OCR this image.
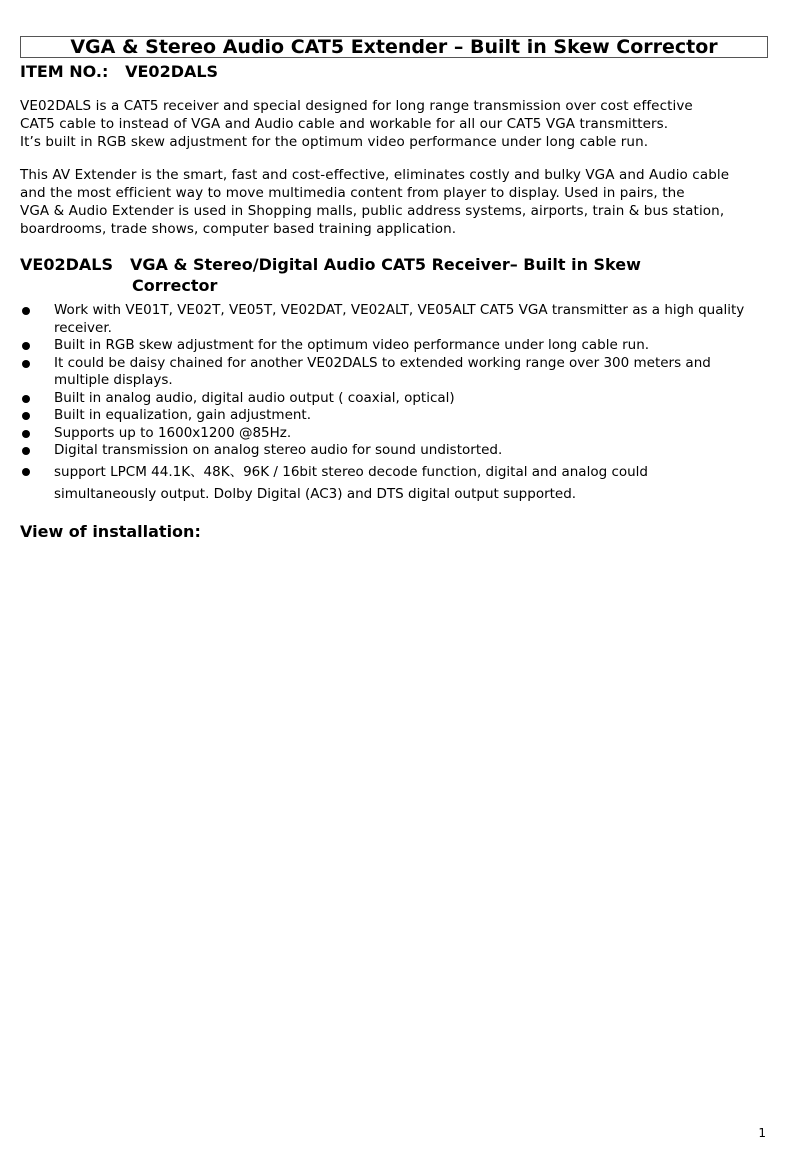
VGA & Stereo Audio CAT5 Extender – Built in Skew Corrector
ITEM NO.:   VE02DALS
VE02DALS is a CAT5 receiver and special designed for long range transmission over cost effective
CAT5 cable to instead of VGA and Audio cable and workable for all our CAT5 VGA transmitters.
It’s built in RGB skew adjustment for the optimum video performance under long cable run.
This AV Extender is the smart, fast and cost-effective, eliminates costly and bulky VGA and Audio cable
and the most efficient way to move multimedia content from player to display. Used in pairs, the
VGA & Audio Extender is used in Shopping malls, public address systems, airports, train & bus station,
boardrooms, trade shows, computer based training application.
VE02DALS VGA & Stereo/Digital Audio CAT5 Receiver– Built in Skew
Corrector
Work with VE01T, VE02T, VE05T, VE02DAT, VE02ALT, VE05ALT CAT5 VGA transmitter as a high quality
receiver.
Built in RGB skew adjustment for the optimum video performance under long cable run.
It could be daisy chained for another VE02DALS to extended working range over 300 meters and
multiple displays.
Built in analog audio, digital audio output ( coaxial, optical)
Built in equalization, gain adjustment.
Supports up to 1600x1200 @85Hz.
Digital transmission on analog stereo audio for sound undistorted.
support LPCM 44.1K、48K、96K / 16bit stereo decode function, digital and analog could
simultaneously output. Dolby Digital (AC3) and DTS digital output supported.
View of installation:
1
